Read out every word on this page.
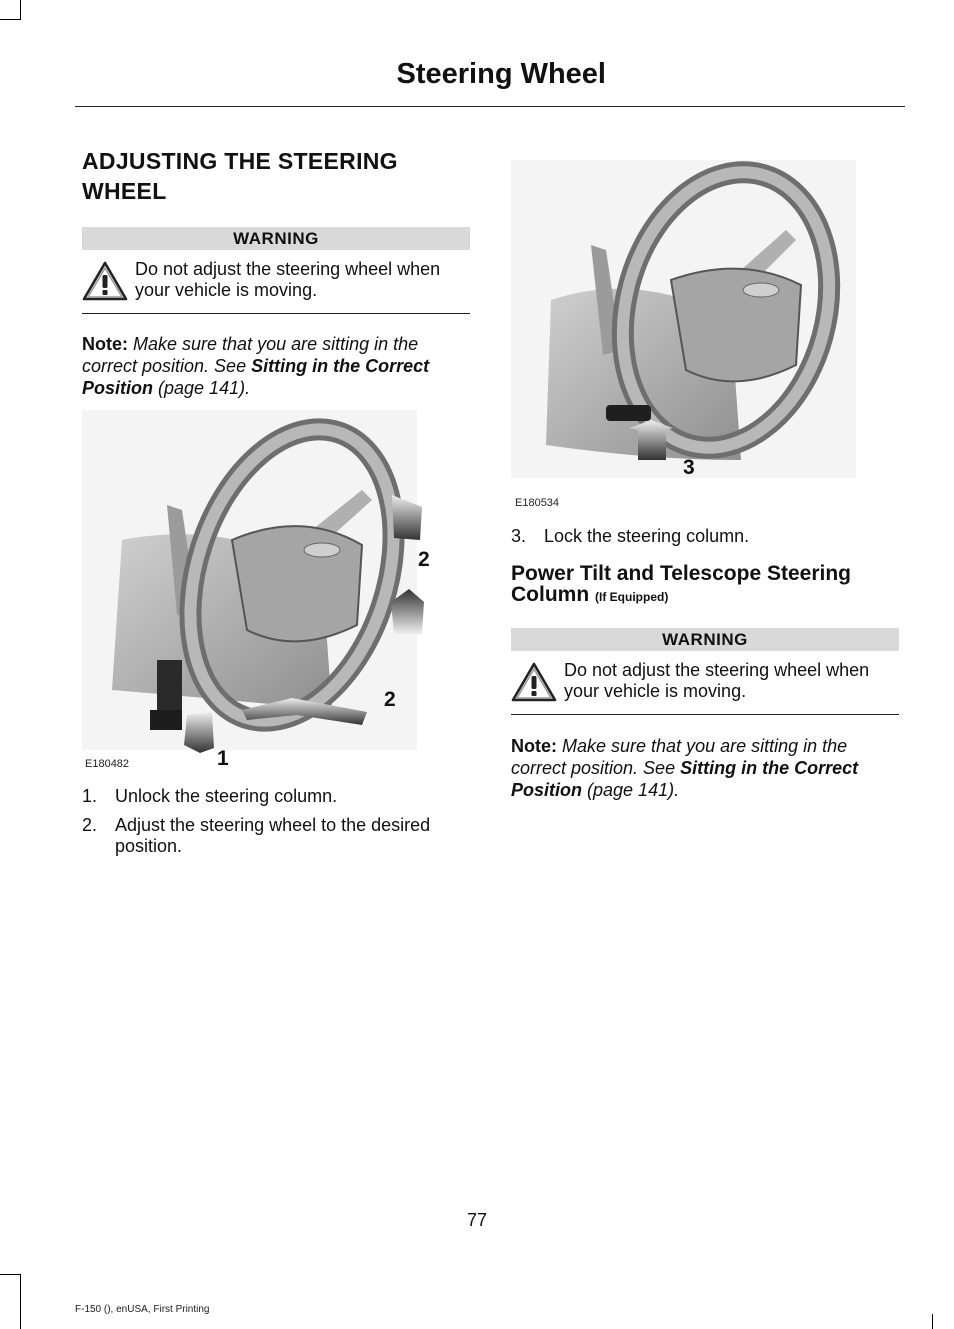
Steering Wheel
ADJUSTING THE STEERING WHEEL
WARNING
Do not adjust the steering wheel when your vehicle is moving.
Note: Make sure that you are sitting in the correct position. See Sitting in the Correct Position (page 141).
2
2
1
E180482
1. Unlock the steering column.
2. Adjust the steering wheel to the desired position.
3
E180534
3. Lock the steering column.
Power Tilt and Telescope Steering Column (If Equipped)
WARNING
Do not adjust the steering wheel when your vehicle is moving.
Note: Make sure that you are sitting in the correct position. See Sitting in the Correct Position (page 141).
77
F-150 (), enUSA, First Printing
